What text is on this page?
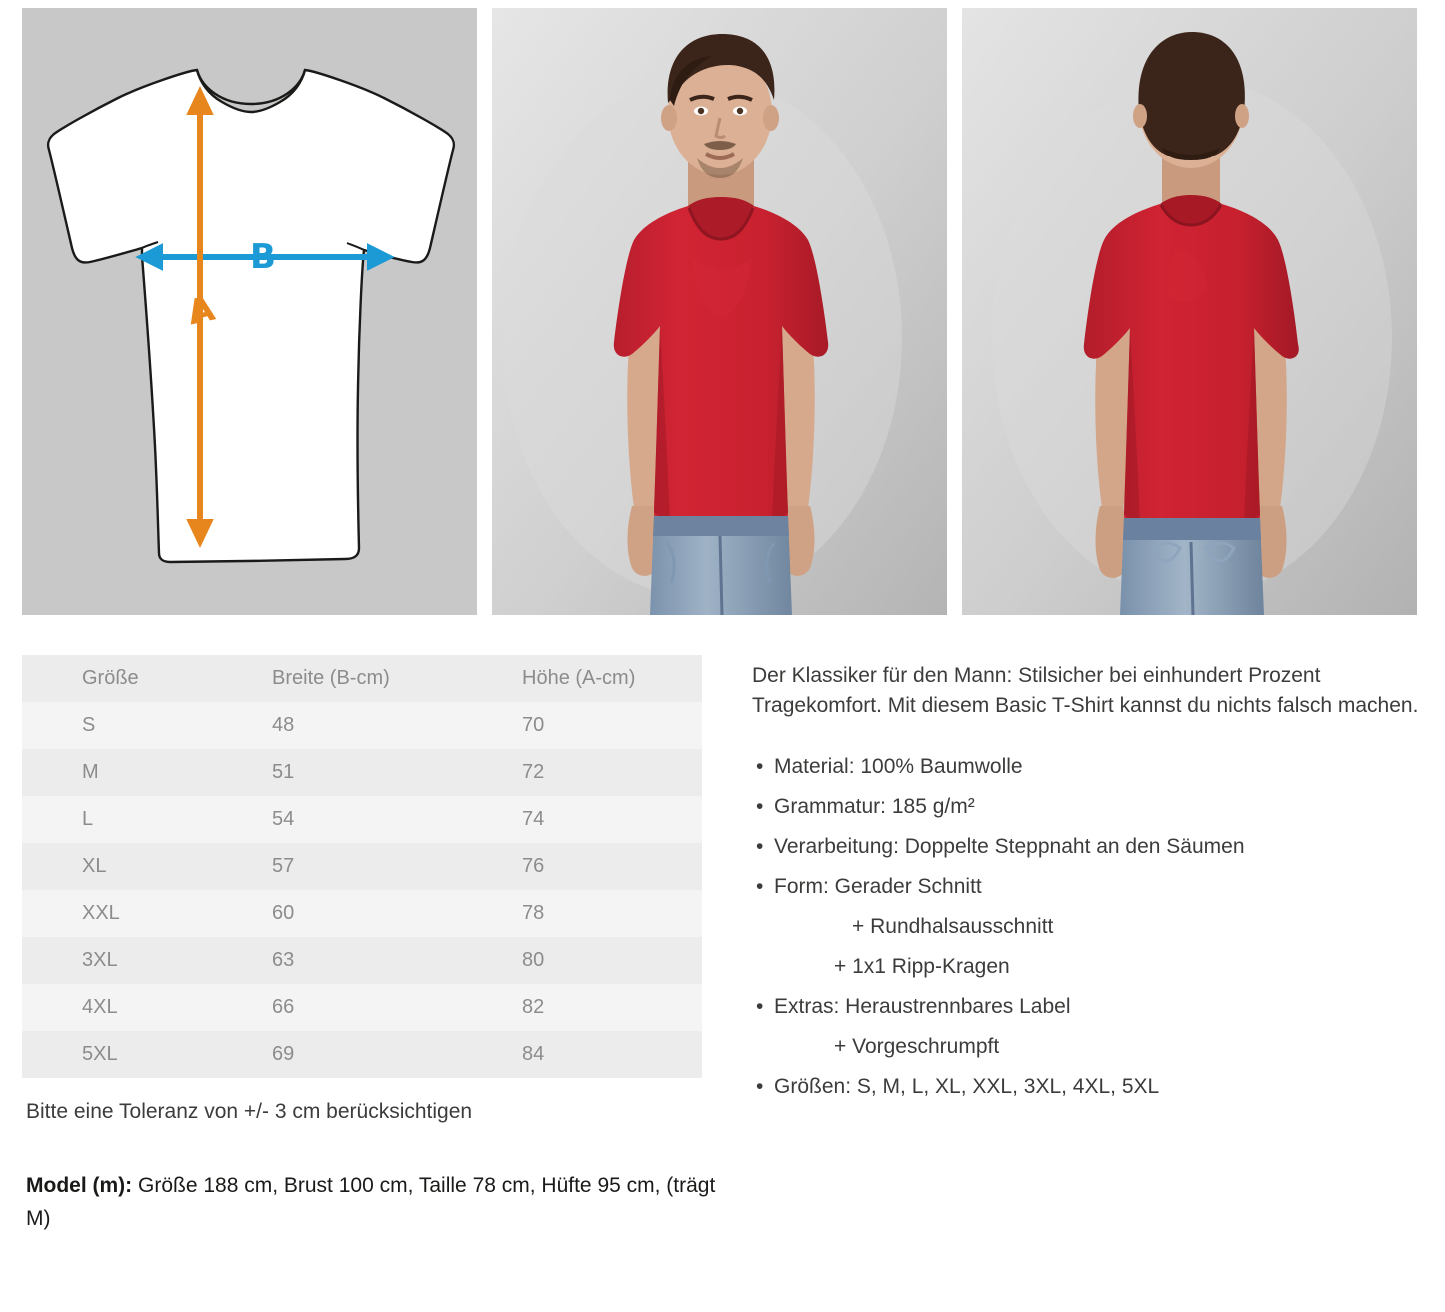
B
A
Größe	Breite (B-cm)	Höhe (A-cm)
S	48	70
M	51	72
L	54	74
XL	57	76
XXL	60	78
3XL	63	80
4XL	66	82
5XL	69	84
Bitte eine Toleranz von +/- 3 cm berücksichtigen
Model (m): Größe 188 cm, Brust 100 cm, Taille 78 cm, Hüfte 95 cm, (trägt M)

Der Klassiker für den Mann: Stilsicher bei einhundert Prozent Tragekomfort. Mit diesem Basic T-Shirt kannst du nichts falsch machen.

• Material: 100% Baumwolle
• Grammatur: 185 g/m²
• Verarbeitung: Doppelte Steppnaht an den Säumen
• Form: Gerader Schnitt
+ Rundhalsausschnitt
+ 1x1 Ripp-Kragen
• Extras: Heraustrennbares Label
+ Vorgeschrumpft
• Größen: S, M, L, XL, XXL, 3XL, 4XL, 5XL
